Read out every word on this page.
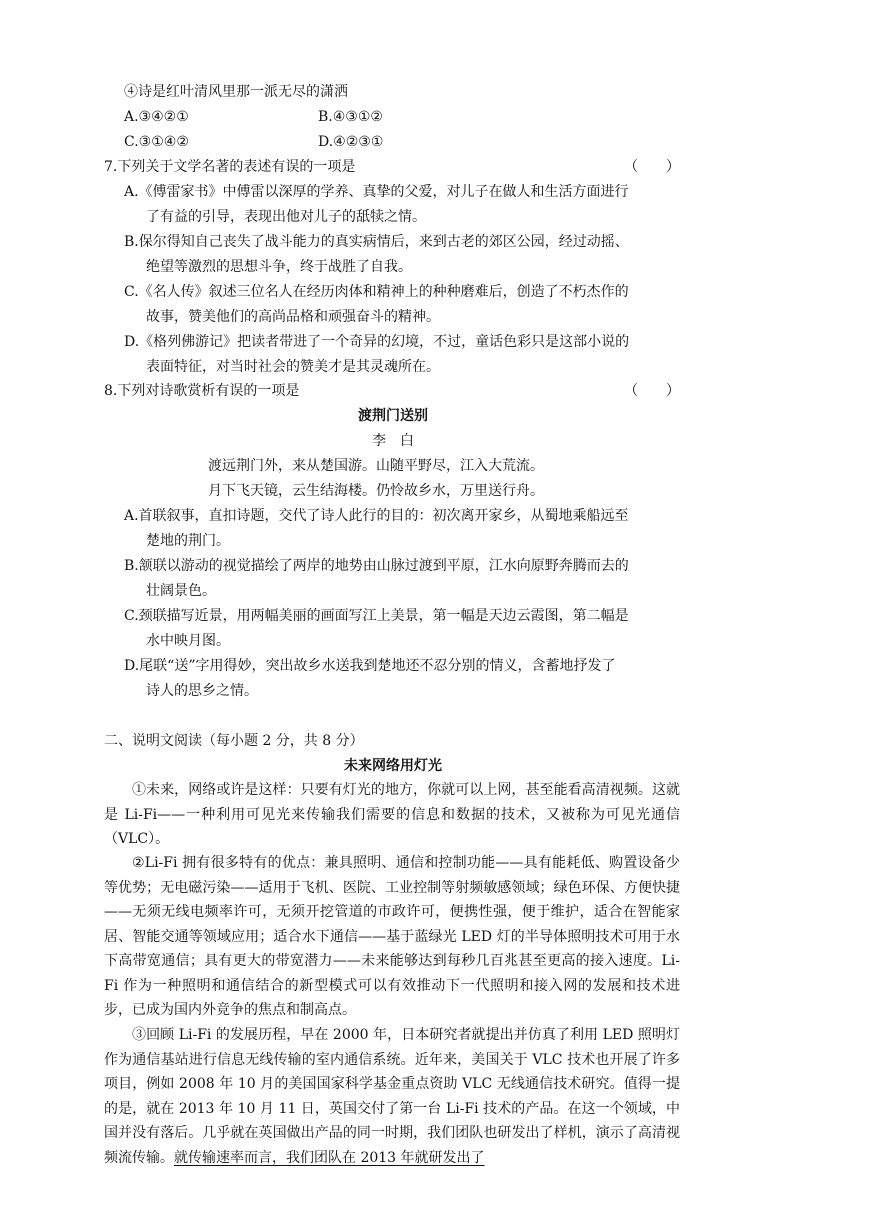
④诗是红叶清风里那一派无尽的潇洒
A.③④②①	B.④③①②
C.③①④②	D.④②③①
7.下列关于文学名著的表述有误的一项是	（　　）
A.《傅雷家书》中傅雷以深厚的学养、真挚的父爱，对儿子在做人和生活方面进行
了有益的引导，表现出他对儿子的舐犊之情。
B.保尔得知自己丧失了战斗能力的真实病情后，来到古老的郊区公园，经过动摇、
绝望等激烈的思想斗争，终于战胜了自我。
C.《名人传》叙述三位名人在经历肉体和精神上的种种磨难后，创造了不朽杰作的
故事，赞美他们的高尚品格和顽强奋斗的精神。
D.《格列佛游记》把读者带进了一个奇异的幻境，不过，童话色彩只是这部小说的
表面特征，对当时社会的赞美才是其灵魂所在。
8.下列对诗歌赏析有误的一项是	（　　）
渡荆门送别
李　白
渡远荆门外，来从楚国游。山随平野尽，江入大荒流。
月下飞天镜，云生结海楼。仍怜故乡水，万里送行舟。
A.首联叙事，直扣诗题，交代了诗人此行的目的：初次离开家乡，从蜀地乘船远至
楚地的荆门。
B.颔联以游动的视觉描绘了两岸的地势由山脉过渡到平原，江水向原野奔腾而去的
壮阔景色。
C.颈联描写近景，用两幅美丽的画面写江上美景，第一幅是天边云霞图，第二幅是
水中映月图。
D.尾联“送”字用得妙，突出故乡水送我到楚地还不忍分别的情义，含蓄地抒发了
诗人的思乡之情。
二、说明文阅读（每小题 2 分，共 8 分）
未来网络用灯光
①未来，网络或许是这样：只要有灯光的地方，你就可以上网，甚至能看高清视频。这就是 Li-Fi——一种利用可见光来传输我们需要的信息和数据的技术，又被称为可见光通信（VLC）。
②Li-Fi 拥有很多特有的优点：兼具照明、通信和控制功能——具有能耗低、购置设备少等优势；无电磁污染——适用于飞机、医院、工业控制等射频敏感领域；绿色环保、方便快捷——无须无线电频率许可，无须开挖管道的市政许可，便携性强，便于维护，适合在智能家居、智能交通等领域应用；适合水下通信——基于蓝绿光 LED 灯的半导体照明技术可用于水下高带宽通信；具有更大的带宽潜力——未来能够达到每秒几百兆甚至更高的接入速度。Li-Fi 作为一种照明和通信结合的新型模式可以有效推动下一代照明和接入网的发展和技术进步，已成为国内外竞争的焦点和制高点。
③回顾 Li-Fi 的发展历程，早在 2000 年，日本研究者就提出并仿真了利用 LED 照明灯作为通信基站进行信息无线传输的室内通信系统。近年来，美国关于 VLC 技术也开展了许多项目，例如 2008 年 10 月的美国国家科学基金重点资助 VLC 无线通信技术研究。值得一提的是，就在 2013 年 10 月 11 日，英国交付了第一台 Li-Fi 技术的产品。在这一个领域，中国并没有落后。几乎就在英国做出产品的同一时期，我们团队也研发出了样机，演示了高清视频流传输。就传输速率而言，我们团队在 2013 年就研发出了
